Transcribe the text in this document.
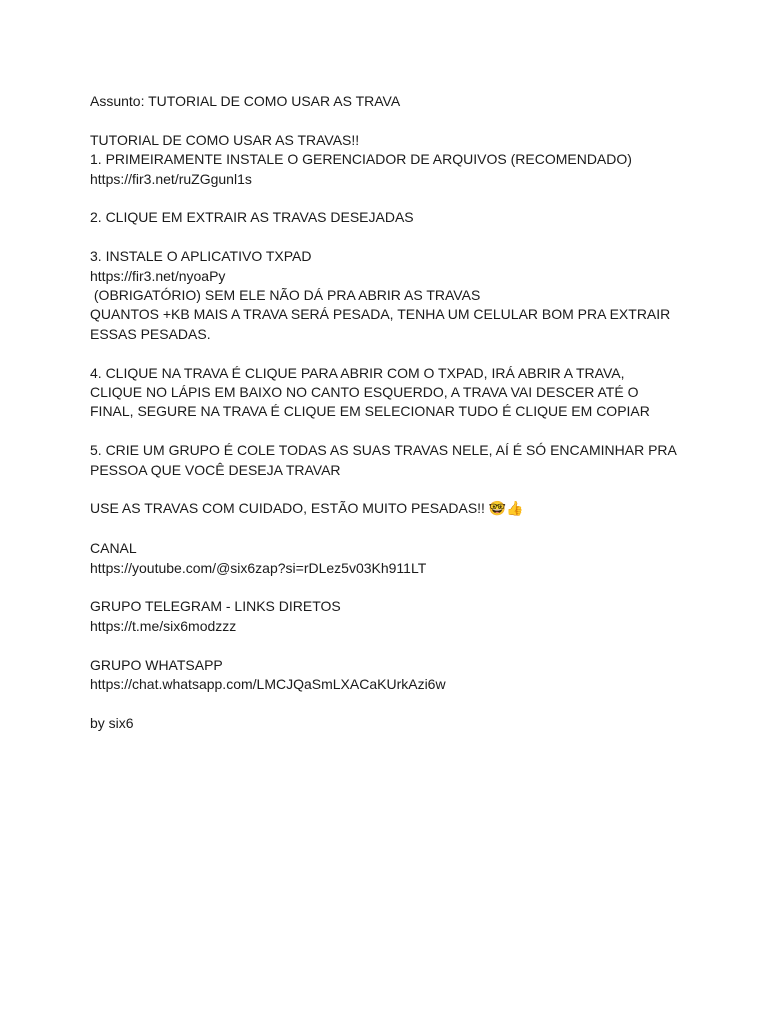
Assunto: TUTORIAL DE COMO USAR AS TRAVA
TUTORIAL DE COMO USAR AS TRAVAS!!
1. PRIMEIRAMENTE INSTALE O GERENCIADOR DE ARQUIVOS (RECOMENDADO)
https://fir3.net/ruZGgunl1s
2. CLIQUE EM EXTRAIR AS TRAVAS DESEJADAS
3. INSTALE O APLICATIVO TXPAD
https://fir3.net/nyoaPy
(OBRIGATÓRIO) SEM ELE NÃO DÁ PRA ABRIR AS TRAVAS
QUANTOS +KB MAIS A TRAVA SERÁ PESADA, TENHA UM CELULAR BOM PRA EXTRAIR
ESSAS PESADAS.
4. CLIQUE NA TRAVA É CLIQUE PARA ABRIR COM O TXPAD, IRÁ ABRIR A TRAVA,
CLIQUE NO LÁPIS EM BAIXO NO CANTO ESQUERDO, A TRAVA VAI DESCER ATÉ O
FINAL, SEGURE NA TRAVA É CLIQUE EM SELECIONAR TUDO É CLIQUE EM COPIAR
5. CRIE UM GRUPO É COLE TODAS AS SUAS TRAVAS NELE, AÍ É SÓ ENCAMINHAR PRA
PESSOA QUE VOCÊ DESEJA TRAVAR
USE AS TRAVAS COM CUIDADO, ESTÃO MUITO PESADAS!! 🤓👍
CANAL
https://youtube.com/@six6zap?si=rDLez5v03Kh911LT
GRUPO TELEGRAM - LINKS DIRETOS
https://t.me/six6modzzz
GRUPO WHATSAPP
https://chat.whatsapp.com/LMCJQaSmLXACaKUrkAzi6w
by six6
